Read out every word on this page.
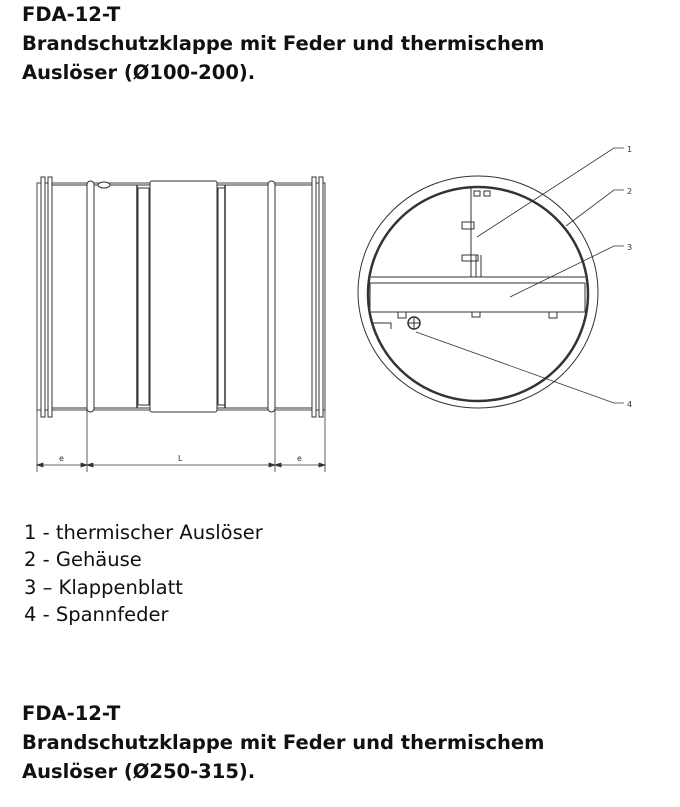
FDA-12-T
Brandschutzklappe mit Feder und thermischem
Auslöser (Ø100-200).
e	L	e
1
2
3
4
1 - thermischer Auslöser
2 - Gehäuse
3 – Klappenblatt
4 - Spannfeder
FDA-12-T
Brandschutzklappe mit Feder und thermischem
Auslöser (Ø250-315).
